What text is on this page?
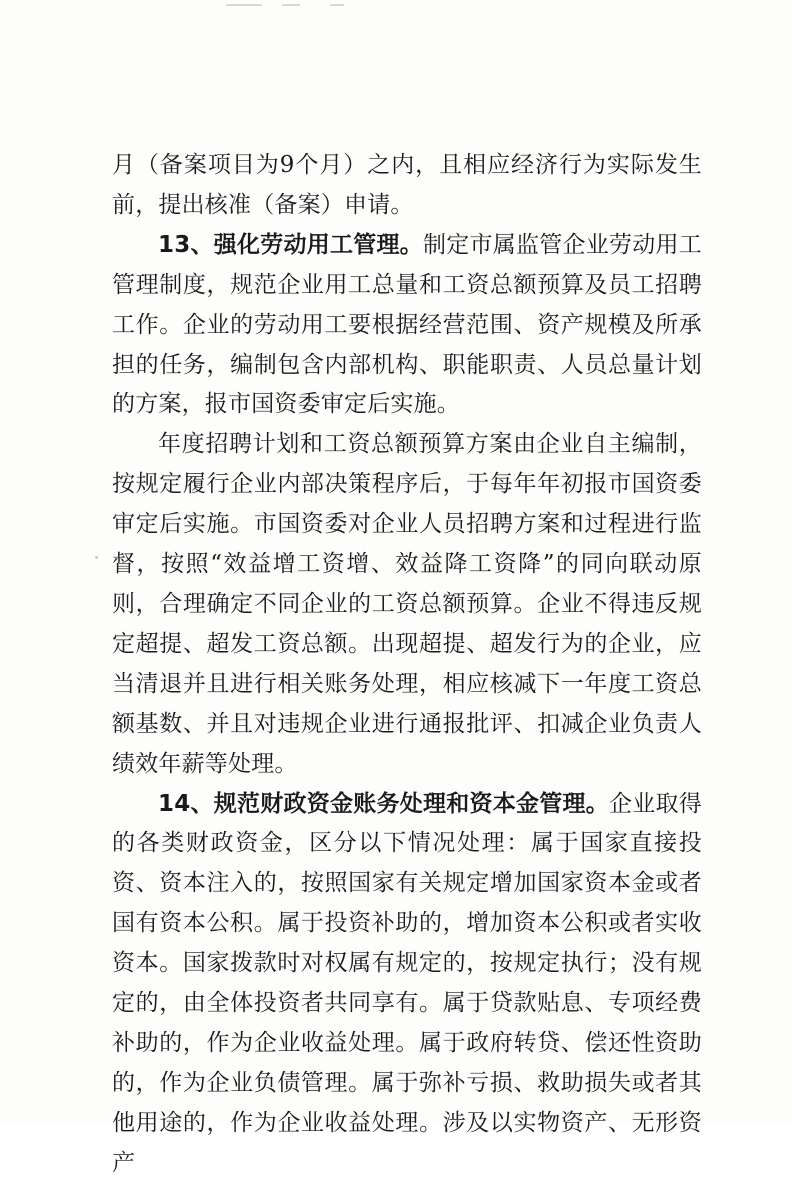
月（备案项目为9个月）之内，且相应经济行为实际发生前，提出核准（备案）申请。

13、强化劳动用工管理。制定市属监管企业劳动用工管理制度，规范企业用工总量和工资总额预算及员工招聘工作。企业的劳动用工要根据经营范围、资产规模及所承担的任务，编制包含内部机构、职能职责、人员总量计划的方案，报市国资委审定后实施。

年度招聘计划和工资总额预算方案由企业自主编制，按规定履行企业内部决策程序后，于每年年初报市国资委审定后实施。市国资委对企业人员招聘方案和过程进行监督，按照“效益增工资增、效益降工资降”的同向联动原则，合理确定不同企业的工资总额预算。企业不得违反规定超提、超发工资总额。出现超提、超发行为的企业，应当清退并且进行相关账务处理，相应核减下一年度工资总额基数、并且对违规企业进行通报批评、扣减企业负责人绩效年薪等处理。

14、规范财政资金账务处理和资本金管理。企业取得的各类财政资金，区分以下情况处理：属于国家直接投资、资本注入的，按照国家有关规定增加国家资本金或者国有资本公积。属于投资补助的，增加资本公积或者实收资本。国家拨款时对权属有规定的，按规定执行；没有规定的，由全体投资者共同享有。属于贷款贴息、专项经费补助的，作为企业收益处理。属于政府转贷、偿还性资助的，作为企业负债管理。属于弥补亏损、救助损失或者其他用途的，作为企业收益处理。涉及以实物资产、无形资产
